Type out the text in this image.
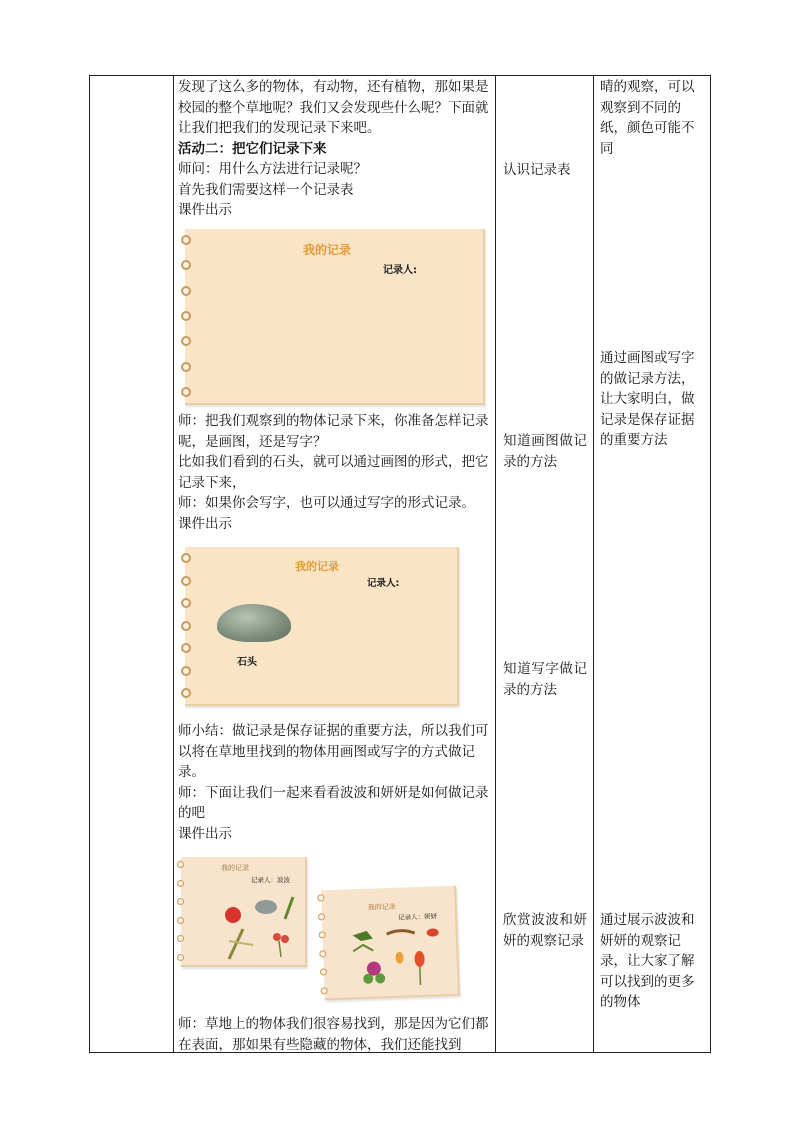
发现了这么多的物体，有动物，还有植物，那如果是校园的整个草地呢？我们又会发现些什么呢？下面就让我们把我们的发现记录下来吧。

活动二：把它们记录下来

师问：用什么方法进行记录呢？

首先我们需要这样一个记录表

课件出示

我的记录
记录人:

师：把我们观察到的物体记录下来，你准备怎样记录呢，是画图，还是写字？

比如我们看到的石头，就可以通过画图的形式，把它记录下来，

师：如果你会写字，也可以通过写字的形式记录。

课件出示

我的记录
记录人:
石头

师小结：做记录是保存证据的重要方法，所以我们可以将在草地里找到的物体用画图或写字的方式做记录。

师：下面让我们一起来看看波波和妍妍是如何做记录的吧

课件出示

我的记录
记录人：波波
我的记录
记录人：妍妍

师：草地上的物体我们很容易找到，那是因为它们都在表面，那如果有些隐藏的物体，我们还能找到

认识记录表
知道画图做记录的方法
知道写字做记录的方法
欣赏波波和妍妍的观察记录
晴的观察，可以观察到不同的纸，颜色可能不同
通过画图或写字的做记录方法，让大家明白，做记录是保存证据的重要方法
通过展示波波和妍妍的观察记录，让大家了解可以找到的更多的物体
